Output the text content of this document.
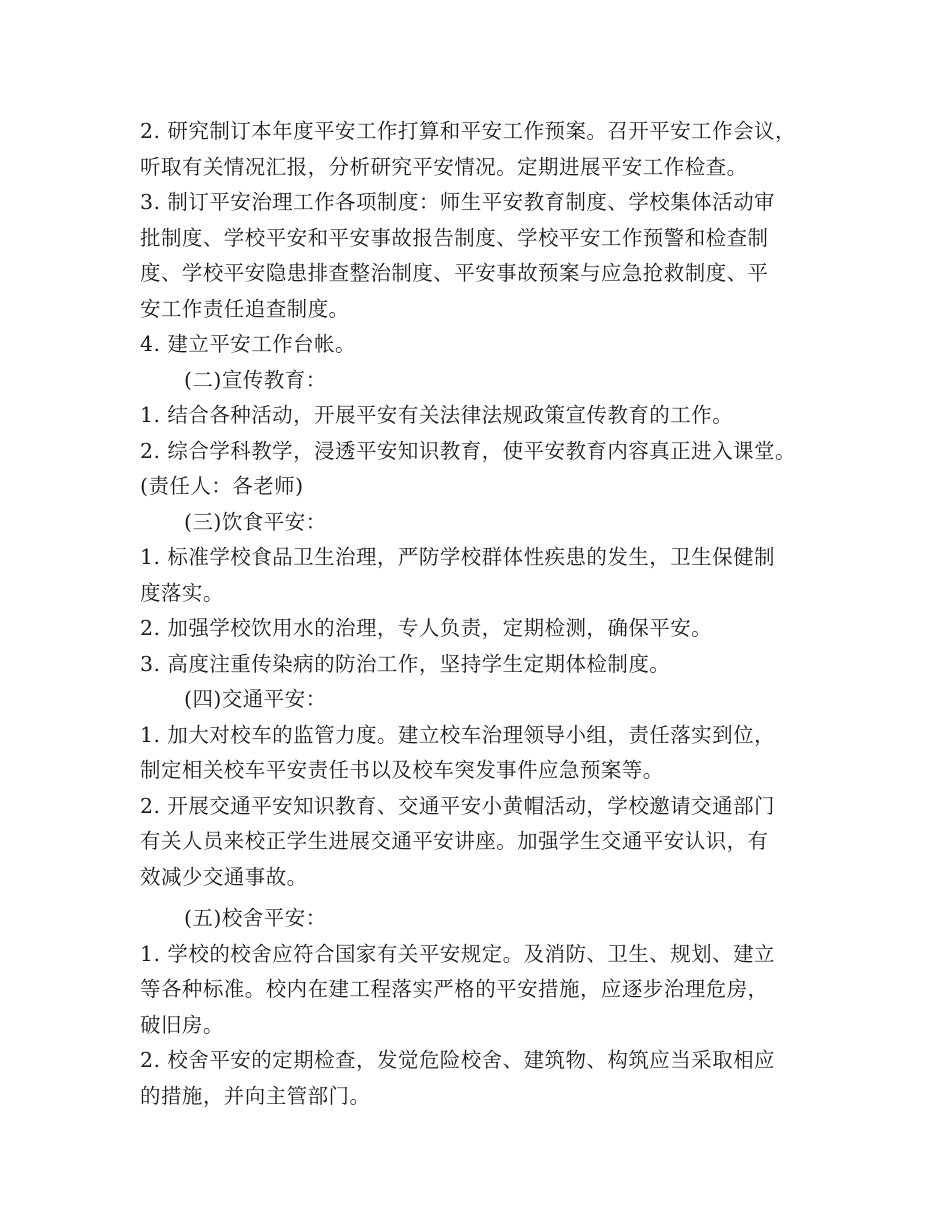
2. 研究制订本年度平安工作打算和平安工作预案。召开平安工作会议，
听取有关情况汇报，分析研究平安情况。定期进展平安工作检查。
3. 制订平安治理工作各项制度：师生平安教育制度、学校集体活动审
批制度、学校平安和平安事故报告制度、学校平安工作预警和检查制
度、学校平安隐患排查整治制度、平安事故预案与应急抢救制度、平
安工作责任追查制度。
4. 建立平安工作台帐。
(二)宣传教育：
1. 结合各种活动，开展平安有关法律法规政策宣传教育的工作。
2. 综合学科教学，浸透平安知识教育，使平安教育内容真正进入课堂。
(责任人：各老师)
(三)饮食平安：
1. 标准学校食品卫生治理，严防学校群体性疾患的发生，卫生保健制
度落实。
2. 加强学校饮用水的治理，专人负责，定期检测，确保平安。
3. 高度注重传染病的防治工作，坚持学生定期体检制度。
(四)交通平安：
1. 加大对校车的监管力度。建立校车治理领导小组，责任落实到位，
制定相关校车平安责任书以及校车突发事件应急预案等。
2. 开展交通平安知识教育、交通平安小黄帽活动，学校邀请交通部门
有关人员来校正学生进展交通平安讲座。加强学生交通平安认识，有
效减少交通事故。
(五)校舍平安：
1. 学校的校舍应符合国家有关平安规定。及消防、卫生、规划、建立
等各种标准。校内在建工程落实严格的平安措施，应逐步治理危房，
破旧房。
2. 校舍平安的定期检查，发觉危险校舍、建筑物、构筑应当采取相应
的措施，并向主管部门。
